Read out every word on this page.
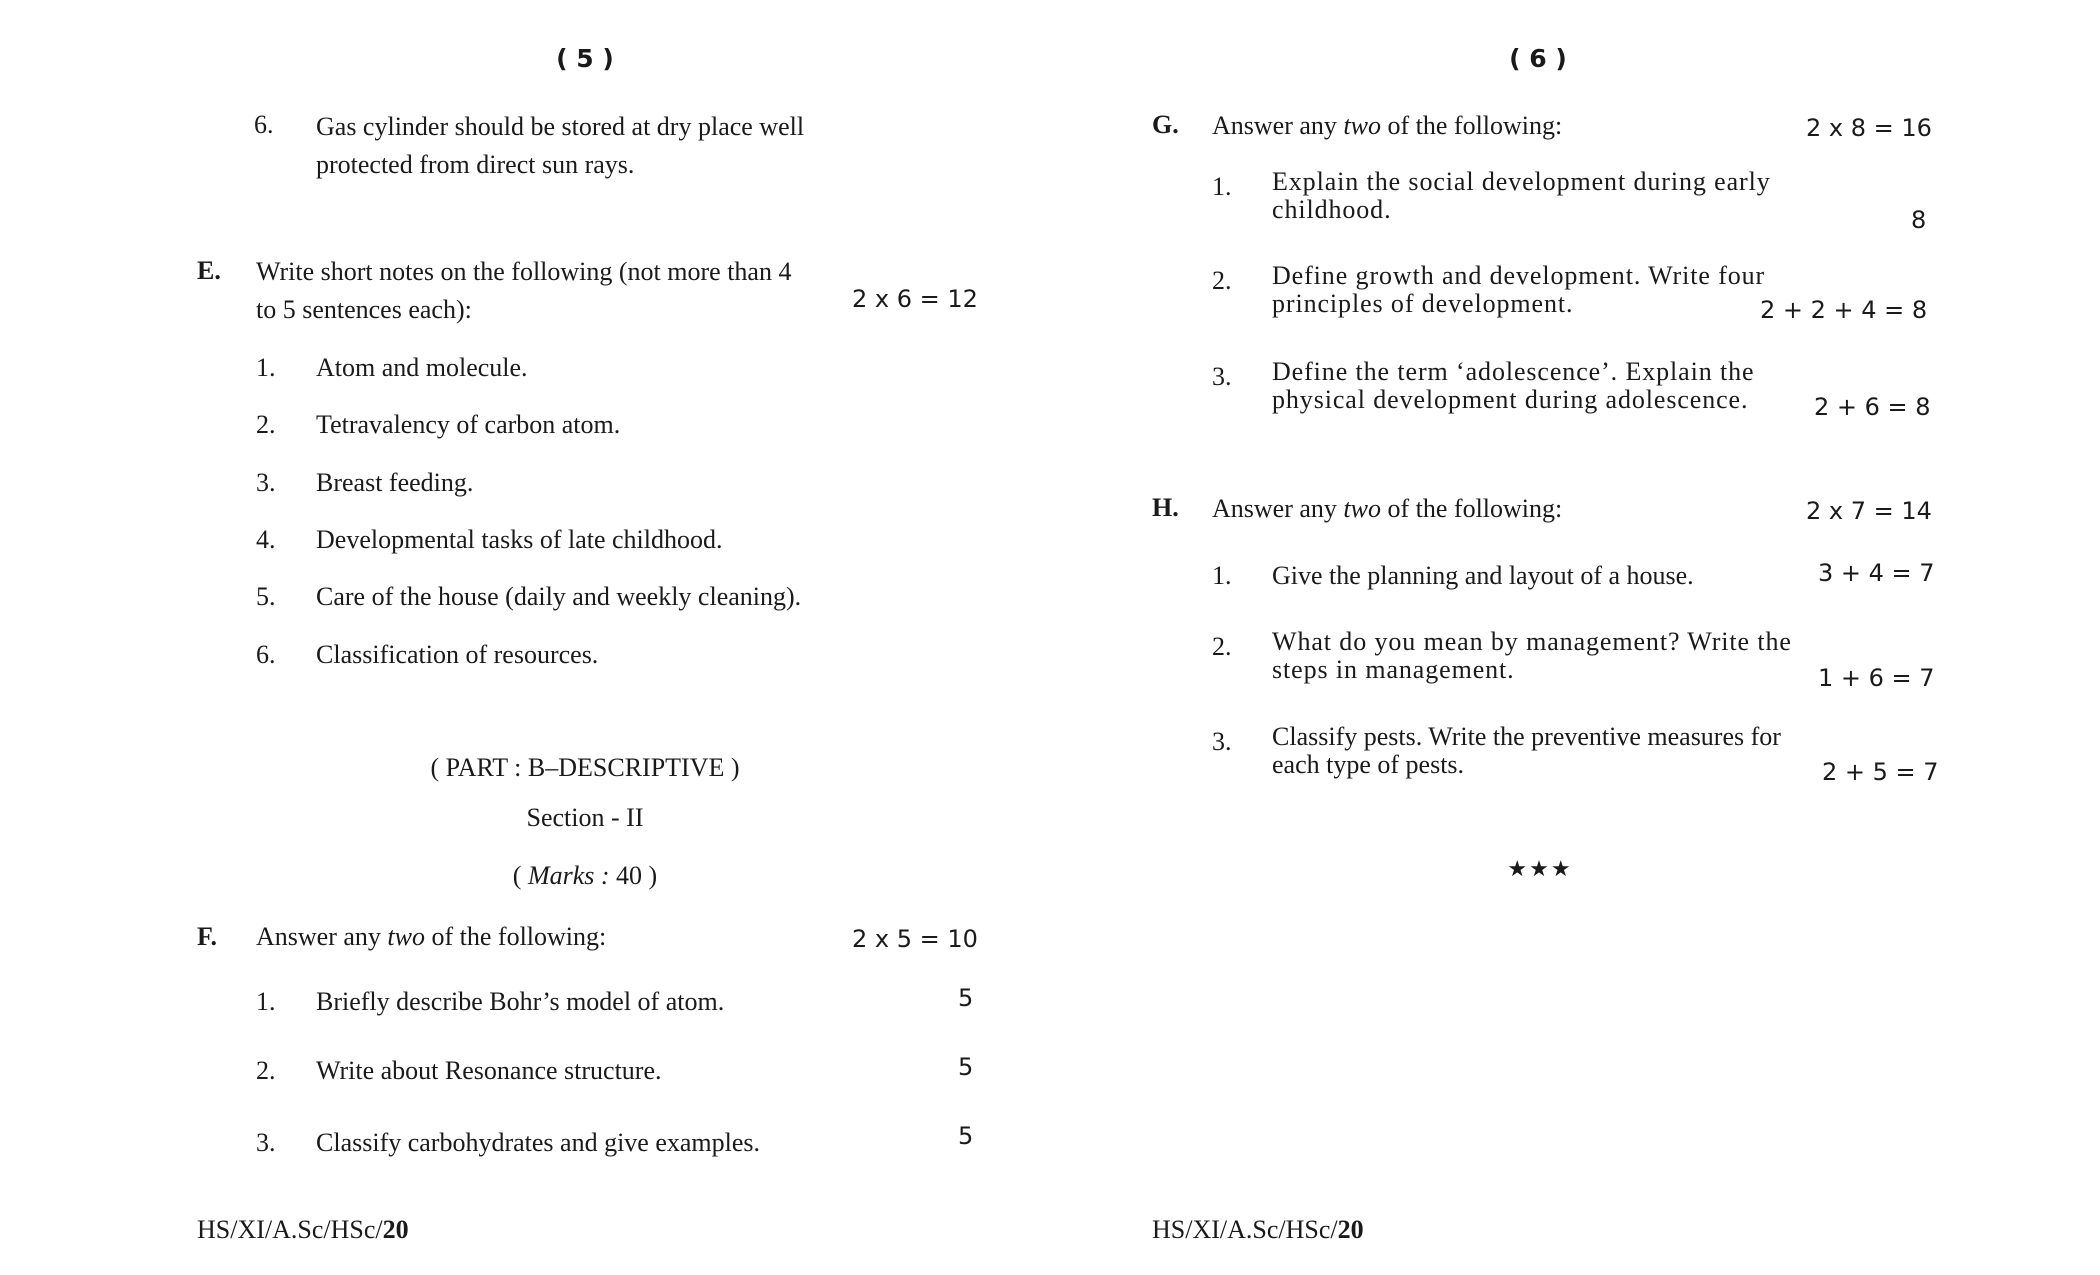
( 5 )
6. Gas cylinder should be stored at dry place well
protected from direct sun rays.
E. Write short notes on the following (not more than 4
to 5 sentences each):	2 x 6 = 12
1. Atom and molecule.
2. Tetravalency of carbon atom.
3. Breast feeding.
4. Developmental tasks of late childhood.
5. Care of the house (daily and weekly cleaning).
6. Classification of resources.
( PART : B–DESCRIPTIVE )
Section - II
( Marks : 40 )
F. Answer any two of the following:	2 x 5 = 10
1. Briefly describe Bohr’s model of atom.	5
2. Write about Resonance structure.	5
3. Classify carbohydrates and give examples.	5
HS/XI/A.Sc/HSc/20
( 6 )
G. Answer any two of the following:	2 x 8 = 16
1. Explain the social development during early
childhood.	8
2. Define growth and development. Write four
principles of development.	2 + 2 + 4 = 8
3. Define the term ‘adolescence’. Explain the
physical development during adolescence.	2 + 6 = 8
H. Answer any two of the following:	2 x 7 = 14
1. Give the planning and layout of a house.	3 + 4 = 7
2. What do you mean by management? Write the
steps in management.	1 + 6 = 7
3. Classify pests. Write the preventive measures for
each type of pests.	2 + 5 = 7
★★★
HS/XI/A.Sc/HSc/20
